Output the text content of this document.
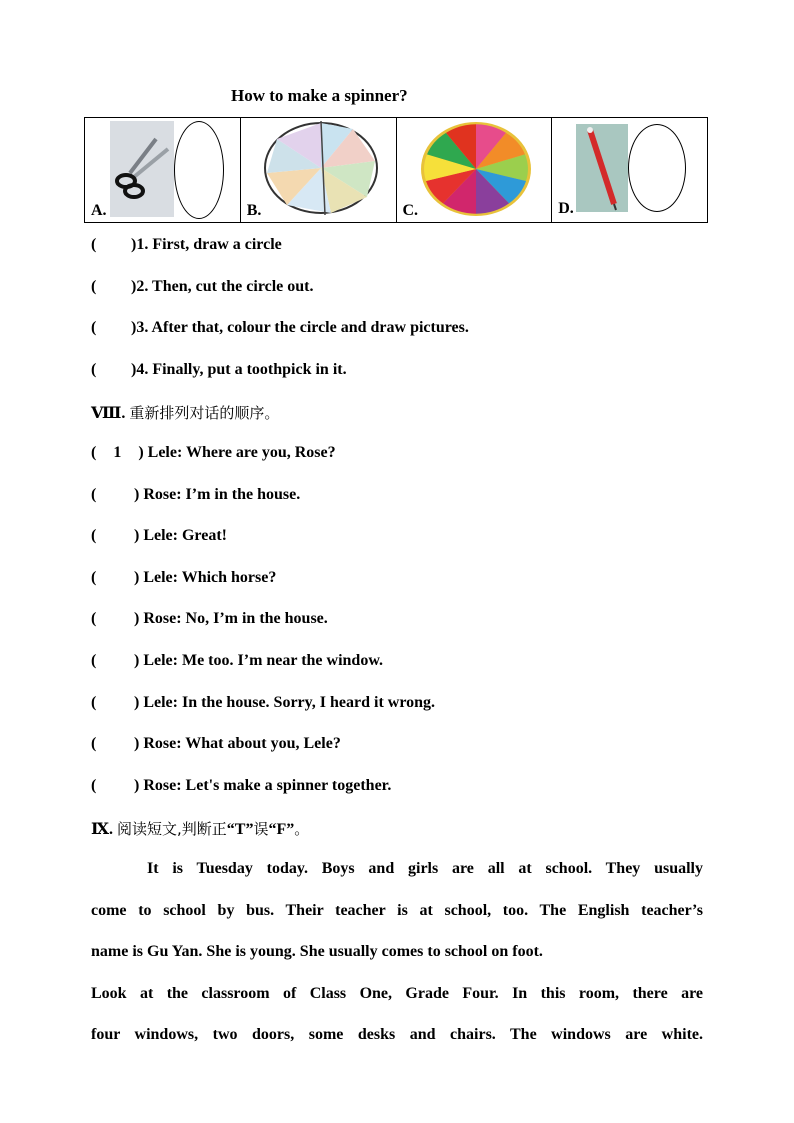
How to make a spinner?
A.	B.	C.	D.
( )1. First, draw a circle
( )2. Then, cut the circle out.
( )3. After that, colour the circle and draw pictures.
( )4. Finally, put a toothpick in it.
Ⅷ. 重新排列对话的顺序。
( 1 ) Lele: Where are you, Rose?
( ) Rose: I’m in the house.
( ) Lele: Great!
( ) Lele: Which horse?
( ) Rose: No, I’m in the house.
( ) Lele: Me too. I’m near the window.
( ) Lele: In the house. Sorry, I heard it wrong.
( ) Rose: What about you, Lele?
( ) Rose: Let's make a spinner together.
Ⅸ. 阅读短文,判断正“T”误“F”。
It is Tuesday today. Boys and girls are all at school. They usually
come to school by bus. Their teacher is at school, too. The English teacher’s
name is Gu Yan. She is young. She usually comes to school on foot.
Look at the classroom of Class One, Grade Four. In this room, there are
four windows, two doors, some desks and chairs. The windows are white.
